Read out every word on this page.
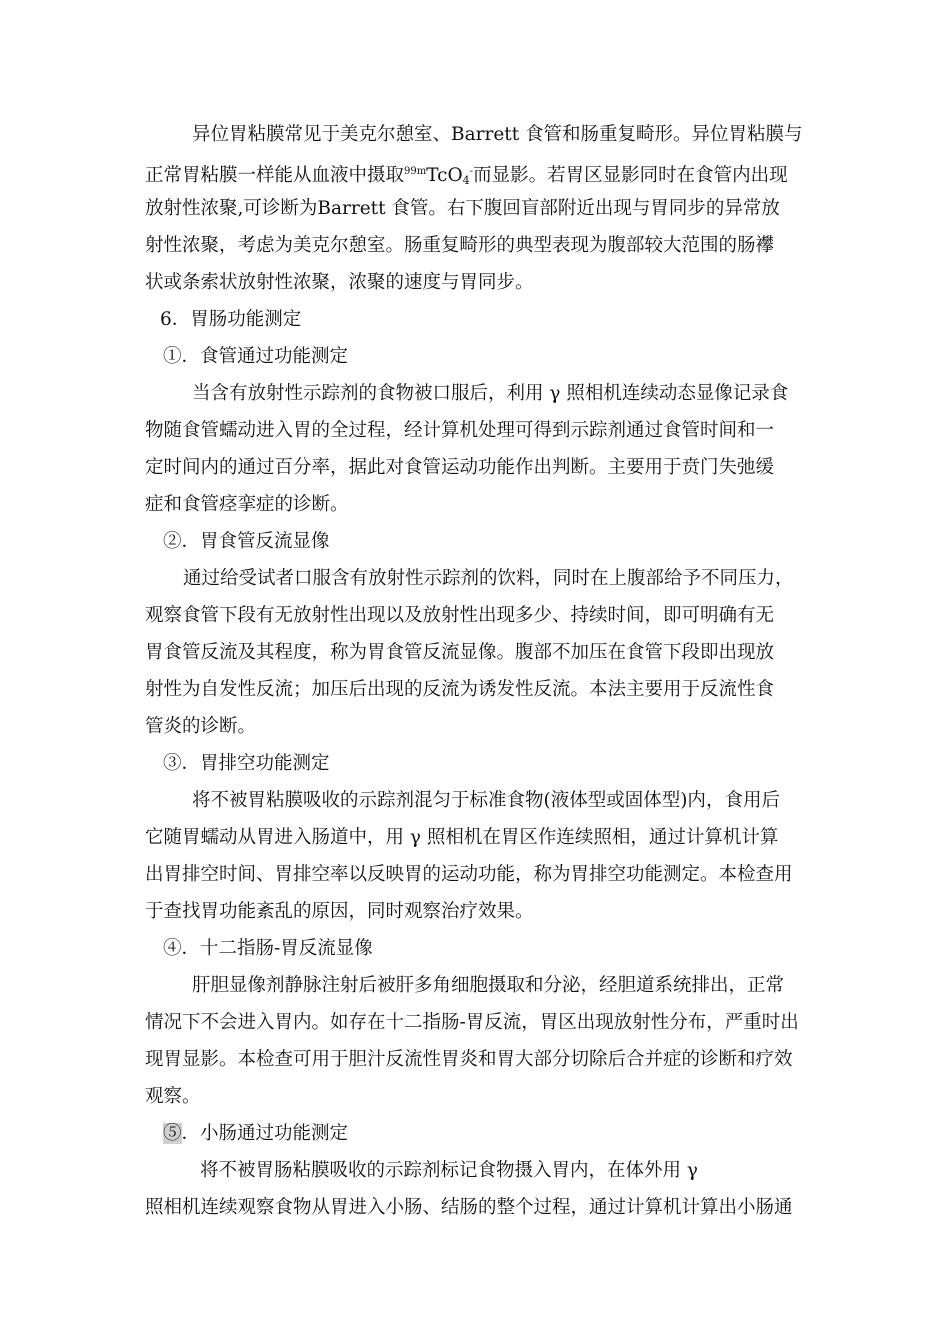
异位胃粘膜常见于美克尔憩室、Barrett 食管和肠重复畸形。异位胃粘膜与
正常胃粘膜一样能从血液中摄取$^{99m}$TcO$_4$-而显影。若胃区显影同时在食管内出现
放射性浓聚,可诊断为Barrett 食管。右下腹回盲部附近出现与胃同步的异常放
射性浓聚，考虑为美克尔憩室。肠重复畸形的典型表现为腹部较大范围的肠襻
状或条索状放射性浓聚，浓聚的速度与胃同步。
6．胃肠功能测定
①．食管通过功能测定
当含有放射性示踪剂的食物被口服后，利用 γ 照相机连续动态显像记录食
物随食管蠕动进入胃的全过程，经计算机处理可得到示踪剂通过食管时间和一
定时间内的通过百分率，据此对食管运动功能作出判断。主要用于贲门失弛缓
症和食管痉挛症的诊断。
②．胃食管反流显像
通过给受试者口服含有放射性示踪剂的饮料，同时在上腹部给予不同压力，
观察食管下段有无放射性出现以及放射性出现多少、持续时间，即可明确有无
胃食管反流及其程度，称为胃食管反流显像。腹部不加压在食管下段即出现放
射性为自发性反流；加压后出现的反流为诱发性反流。本法主要用于反流性食
管炎的诊断。
③．胃排空功能测定
将不被胃粘膜吸收的示踪剂混匀于标准食物(液体型或固体型)内，食用后
它随胃蠕动从胃进入肠道中，用 γ 照相机在胃区作连续照相，通过计算机计算
出胃排空时间、胃排空率以反映胃的运动功能，称为胃排空功能测定。本检查用
于查找胃功能紊乱的原因，同时观察治疗效果。
④．十二指肠-胃反流显像
肝胆显像剂静脉注射后被肝多角细胞摄取和分泌，经胆道系统排出，正常
情况下不会进入胃内。如存在十二指肠-胃反流，胃区出现放射性分布，严重时出
现胃显影。本检查可用于胆汁反流性胃炎和胃大部分切除后合并症的诊断和疗效
观察。
⑤．小肠通过功能测定
将不被胃肠粘膜吸收的示踪剂标记食物摄入胃内，在体外用 γ
照相机连续观察食物从胃进入小肠、结肠的整个过程，通过计算机计算出小肠通
